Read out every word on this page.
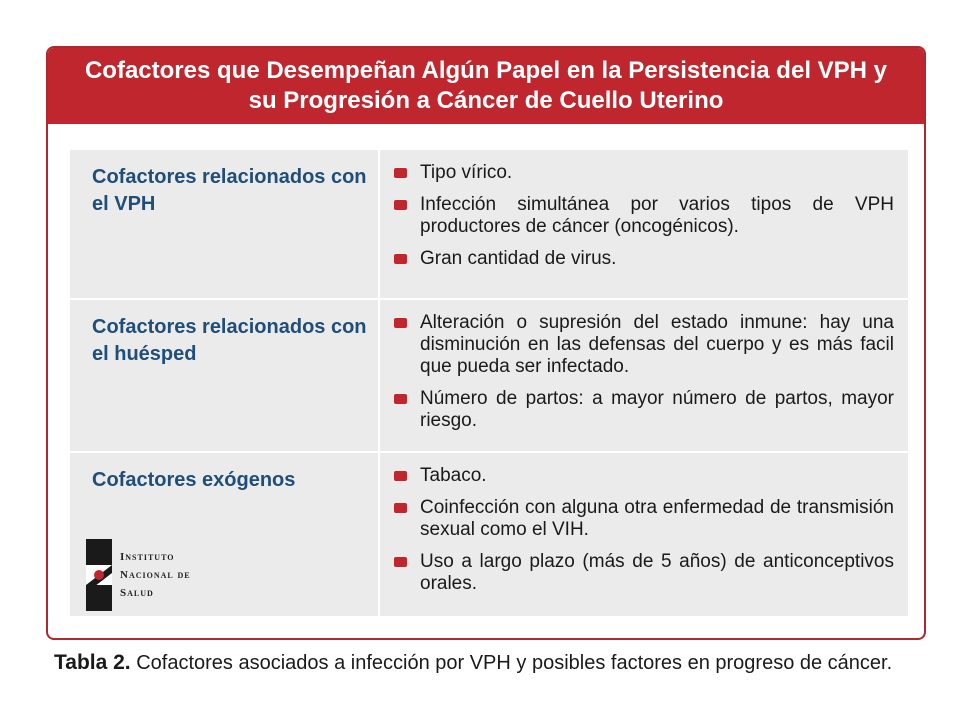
Cofactores que Desempeñan Algún Papel en la Persistencia del VPH y su Progresión a Cáncer de Cuello Uterino
Cofactores relacionados con el VPH
Tipo vírico.
Infección simultánea por varios tipos de VPH productores de cáncer (oncogénicos).
Gran cantidad de virus.
Cofactores relacionados con el huésped
Alteración o supresión del estado inmune: hay una disminución en las defensas del cuerpo y es más facil que pueda ser infectado.
Número de partos: a mayor número de partos, mayor riesgo.
Cofactores exógenos
Instituto
Nacional de
Salud
Tabaco.
Coinfección con alguna otra enfermedad de transmisión sexual como el VIH.
Uso a largo plazo (más de 5 años) de anticonceptivos orales.
Tabla 2. Cofactores asociados a infección por VPH y posibles factores en progreso de cáncer.
